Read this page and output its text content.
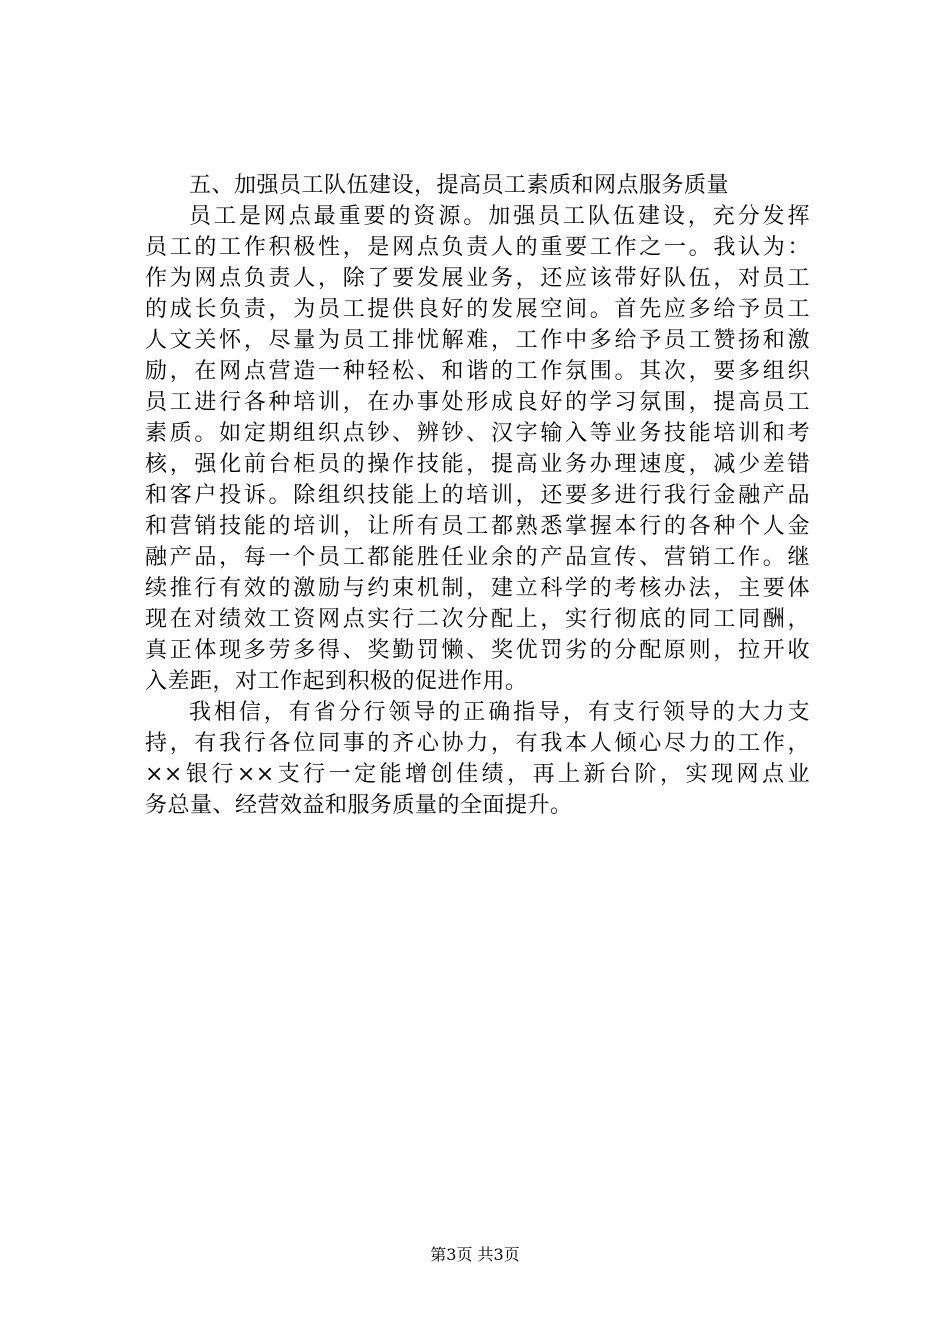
五、加强员工队伍建设，提高员工素质和网点服务质量
员工是网点最重要的资源。加强员工队伍建设，充分发挥
员工的工作积极性，是网点负责人的重要工作之一。我认为：
作为网点负责人，除了要发展业务，还应该带好队伍，对员工
的成长负责，为员工提供良好的发展空间。首先应多给予员工
人文关怀，尽量为员工排忧解难，工作中多给予员工赞扬和激
励，在网点营造一种轻松、和谐的工作氛围。其次，要多组织
员工进行各种培训，在办事处形成良好的学习氛围，提高员工
素质。如定期组织点钞、辨钞、汉字输入等业务技能培训和考
核，强化前台柜员的操作技能，提高业务办理速度，减少差错
和客户投诉。除组织技能上的培训，还要多进行我行金融产品
和营销技能的培训，让所有员工都熟悉掌握本行的各种个人金
融产品，每一个员工都能胜任业余的产品宣传、营销工作。继
续推行有效的激励与约束机制，建立科学的考核办法，主要体
现在对绩效工资网点实行二次分配上，实行彻底的同工同酬，
真正体现多劳多得、奖勤罚懒、奖优罚劣的分配原则，拉开收
入差距，对工作起到积极的促进作用。
我相信，有省分行领导的正确指导，有支行领导的大力支
持，有我行各位同事的齐心协力，有我本人倾心尽力的工作，
××银行××支行一定能增创佳绩，再上新台阶，实现网点业
务总量、经营效益和服务质量的全面提升。
第3页 共3页
